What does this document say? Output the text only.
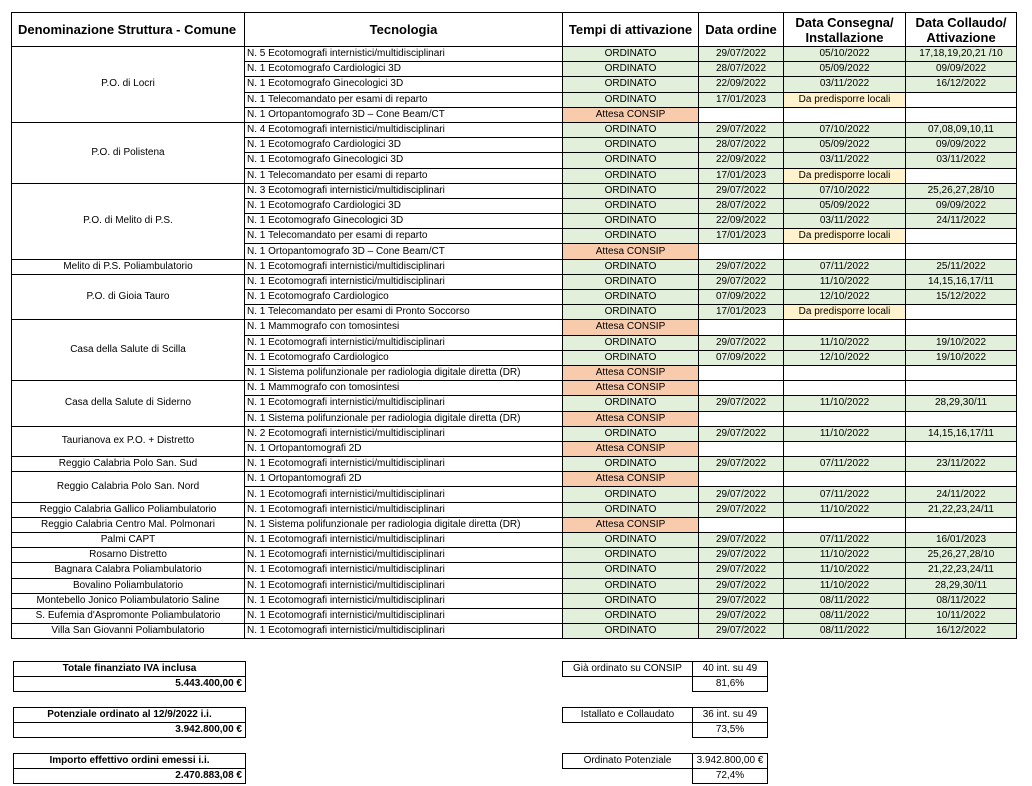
Denominazione Struttura - Comune	Tecnologia	Tempi di attivazione	Data ordine	Data Consegna/ Installazione	Data Collaudo/ Attivazione
P.O. di Locri	N. 5 Ecotomografi internistici/multidisciplinari	ORDINATO	29/07/2022	05/10/2022	17,18,19,20,21 /10
	N. 1 Ecotomografo Cardiologici 3D	ORDINATO	28/07/2022	05/09/2022	09/09/2022
	N. 1 Ecotomografo Ginecologici 3D	ORDINATO	22/09/2022	03/11/2022	16/12/2022
	N. 1 Telecomandato per esami di reparto	ORDINATO	17/01/2023	Da predisporre locali	
	N. 1 Ortopantomografo 3D – Cone Beam/CT	Attesa CONSIP			
P.O. di Polistena	N. 4 Ecotomografi internistici/multidisciplinari	ORDINATO	29/07/2022	07/10/2022	07,08,09,10,11
	N. 1 Ecotomografo Cardiologici 3D	ORDINATO	28/07/2022	05/09/2022	09/09/2022
	N. 1 Ecotomografo Ginecologici 3D	ORDINATO	22/09/2022	03/11/2022	03/11/2022
	N. 1 Telecomandato per esami di reparto	ORDINATO	17/01/2023	Da predisporre locali	
P.O. di Melito di P.S.	N. 3 Ecotomografi internistici/multidisciplinari	ORDINATO	29/07/2022	07/10/2022	25,26,27,28/10
	N. 1 Ecotomografo Cardiologici 3D	ORDINATO	28/07/2022	05/09/2022	09/09/2022
	N. 1 Ecotomografo Ginecologici 3D	ORDINATO	22/09/2022	03/11/2022	24/11/2022
	N. 1 Telecomandato per esami di reparto	ORDINATO	17/01/2023	Da predisporre locali	
	N. 1 Ortopantomografo 3D – Cone Beam/CT	Attesa CONSIP			
Melito di P.S. Poliambulatorio	N. 1 Ecotomografi internistici/multidisciplinari	ORDINATO	29/07/2022	07/11/2022	25/11/2022
P.O. di Gioia Tauro	N. 1 Ecotomografi internistici/multidisciplinari	ORDINATO	29/07/2022	11/10/2022	14,15,16,17/11
	N. 1 Ecotomografo Cardiologico	ORDINATO	07/09/2022	12/10/2022	15/12/2022
	N. 1 Telecomandato per esami di Pronto Soccorso	ORDINATO	17/01/2023	Da predisporre locali	
Casa della Salute di Scilla	N. 1 Mammografo con tomosintesi	Attesa CONSIP			
	N. 1 Ecotomografi internistici/multidisciplinari	ORDINATO	29/07/2022	11/10/2022	19/10/2022
	N. 1 Ecotomografo Cardiologico	ORDINATO	07/09/2022	12/10/2022	19/10/2022
	N. 1 Sistema polifunzionale per radiologia digitale diretta (DR)	Attesa CONSIP			
Casa della Salute di Siderno	N. 1 Mammografo con tomosintesi	Attesa CONSIP			
	N. 1 Ecotomografi internistici/multidisciplinari	ORDINATO	29/07/2022	11/10/2022	28,29,30/11
	N. 1 Sistema polifunzionale per radiologia digitale diretta (DR)	Attesa CONSIP			
Taurianova ex P.O. + Distretto	N. 2 Ecotomografi internistici/multidisciplinari	ORDINATO	29/07/2022	11/10/2022	14,15,16,17/11
	N. 1 Ortopantomografi 2D	Attesa CONSIP			
Reggio Calabria Polo San. Sud	N. 1 Ecotomografi internistici/multidisciplinari	ORDINATO	29/07/2022	07/11/2022	23/11/2022
Reggio Calabria Polo San. Nord	N. 1 Ortopantomografi 2D	Attesa CONSIP			
	N. 1 Ecotomografi internistici/multidisciplinari	ORDINATO	29/07/2022	07/11/2022	24/11/2022
Reggio Calabria Gallico Poliambulatorio	N. 1 Ecotomografi internistici/multidisciplinari	ORDINATO	29/07/2022	11/10/2022	21,22,23,24/11
Reggio Calabria Centro Mal. Polmonari	N. 1 Sistema polifunzionale per radiologia digitale diretta (DR)	Attesa CONSIP			
Palmi CAPT	N. 1 Ecotomografi internistici/multidisciplinari	ORDINATO	29/07/2022	07/11/2022	16/01/2023
Rosarno Distretto	N. 1 Ecotomografi internistici/multidisciplinari	ORDINATO	29/07/2022	11/10/2022	25,26,27,28/10
Bagnara Calabra Poliambulatorio	N. 1 Ecotomografi internistici/multidisciplinari	ORDINATO	29/07/2022	11/10/2022	21,22,23,24/11
Bovalino Poliambulatorio	N. 1 Ecotomografi internistici/multidisciplinari	ORDINATO	29/07/2022	11/10/2022	28,29,30/11
Montebello Jonico Poliambulatorio Saline	N. 1 Ecotomografi internistici/multidisciplinari	ORDINATO	29/07/2022	08/11/2022	08/11/2022
S. Eufemia d'Aspromonte Poliambulatorio	N. 1 Ecotomografi internistici/multidisciplinari	ORDINATO	29/07/2022	08/11/2022	10/11/2022
Villa San Giovanni Poliambulatorio	N. 1 Ecotomografi internistici/multidisciplinari	ORDINATO	29/07/2022	08/11/2022	16/12/2022
Totale finanziato IVA inclusa
5.443.400,00 €
Potenziale ordinato al 12/9/2022 i.i.
3.942.800,00 €
Importo effettivo ordini emessi i.i.
2.470.883,08 €
Già ordinato su CONSIP	40 int. su 49
	81,6%
Istallato e Collaudato	36 int. su 49
	73,5%
Ordinato Potenziale	3.942.800,00 €
	72,4%
